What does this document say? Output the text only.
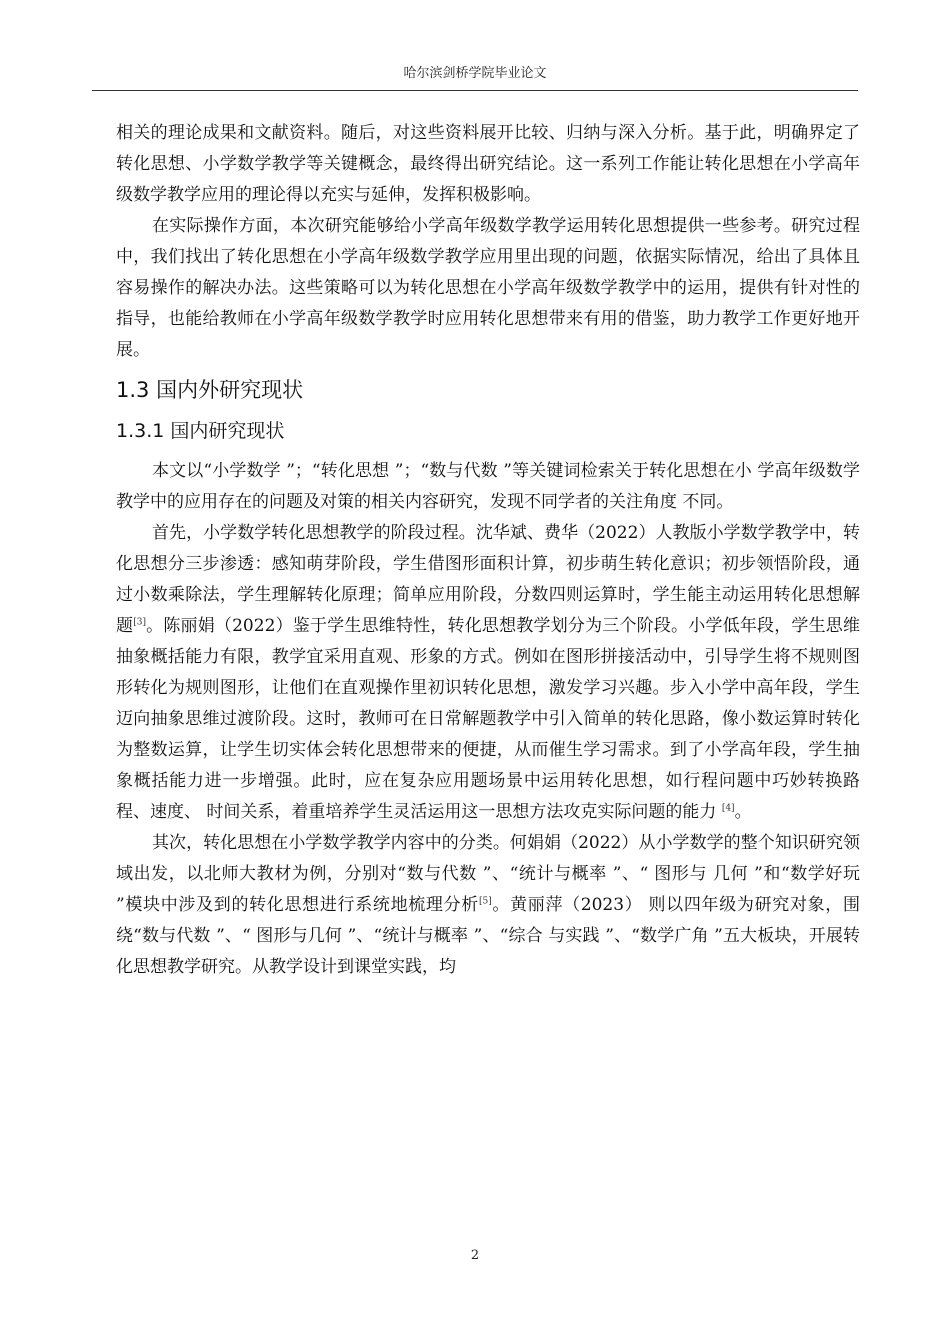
哈尔滨剑桥学院毕业论文

相关的理论成果和文献资料。随后，对这些资料展开比较、归纳与深入分析。基于此，明确界定了转化思想、小学数学教学等关键概念，最终得出研究结论。这一系列工作能让转化思想在小学高年级数学教学应用的理论得以充实与延伸，发挥积极影响。

在实际操作方面，本次研究能够给小学高年级数学教学运用转化思想提供一些参考。研究过程中，我们找出了转化思想在小学高年级数学教学应用里出现的问题，依据实际情况，给出了具体且容易操作的解决办法。这些策略可以为转化思想在小学高年级数学教学中的运用，提供有针对性的指导，也能给教师在小学高年级数学教学时应用转化思想带来有用的借鉴，助力教学工作更好地开展。

1.3 国内外研究现状
1.3.1 国内研究现状

本文以“小学数学 ”；“转化思想 ”；“数与代数 ”等关键词检索关于转化思想在小 学高年级数学教学中的应用存在的问题及对策的相关内容研究，发现不同学者的关注角度 不同。

首先，小学数学转化思想教学的阶段过程。沈华斌、费华（2022）人教版小学数学教学中，转化思想分三步渗透：感知萌芽阶段，学生借图形面积计算，初步萌生转化意识；初步领悟阶段，通过小数乘除法，学生理解转化原理；简单应用阶段，分数四则运算时，学生能主动运用转化思想解题[3]。陈丽娟（2022）鉴于学生思维特性，转化思想教学划分为三个阶段。小学低年段，学生思维抽象概括能力有限，教学宜采用直观、形象的方式。例如在图形拼接活动中，引导学生将不规则图形转化为规则图形，让他们在直观操作里初识转化思想，激发学习兴趣。步入小学中高年段，学生迈向抽象思维过渡阶段。这时，教师可在日常解题教学中引入简单的转化思路，像小数运算时转化为整数运算，让学生切实体会转化思想带来的便捷，从而催生学习需求。到了小学高年段，学生抽象概括能力进一步增强。此时，应在复杂应用题场景中运用转化思想，如行程问题中巧妙转换路程、速度、 时间关系，着重培养学生灵活运用这一思想方法攻克实际问题的能力 [4]。

其次，转化思想在小学数学教学内容中的分类。何娟娟（2022）从小学数学的整个知识研究领域出发，以北师大教材为例，分别对“数与代数 ”、“统计与概率 ”、“ 图形与 几何 ”和“数学好玩 ”模块中涉及到的转化思想进行系统地梳理分析[5]。黄丽萍（2023） 则以四年级为研究对象，围绕“数与代数 ”、“ 图形与几何 ”、“统计与概率 ”、“综合 与实践 ”、“数学广角 ”五大板块，开展转化思想教学研究。从教学设计到课堂实践，均

2
